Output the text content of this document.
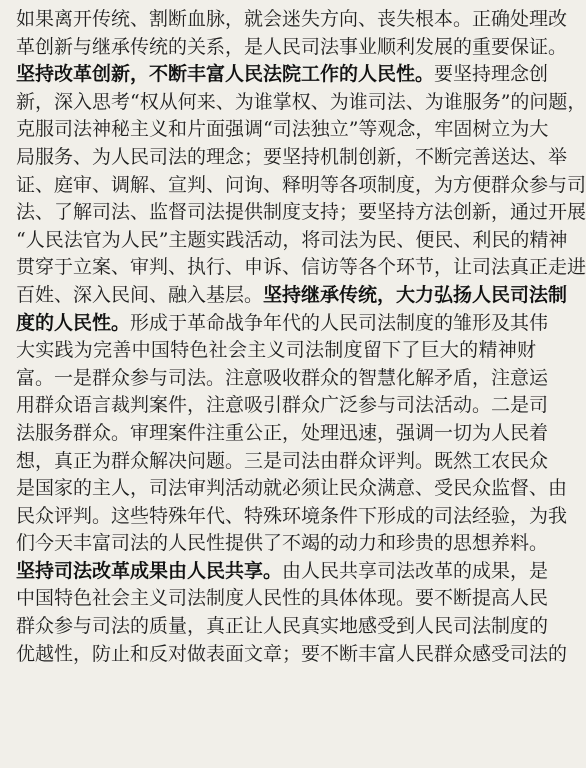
如果离开传统、割断血脉，就会迷失方向、丧失根本。正确处理改
革创新与继承传统的关系，是人民司法事业顺利发展的重要保证。
坚持改革创新，不断丰富人民法院工作的人民性。要坚持理念创
新，深入思考“权从何来、为谁掌权、为谁司法、为谁服务”的问题，
克服司法神秘主义和片面强调“司法独立”等观念，牢固树立为大
局服务、为人民司法的理念；要坚持机制创新，不断完善送达、举
证、庭审、调解、宣判、问询、释明等各项制度，为方便群众参与司
法、了解司法、监督司法提供制度支持；要坚持方法创新，通过开展
“人民法官为人民”主题实践活动，将司法为民、便民、利民的精神
贯穿于立案、审判、执行、申诉、信访等各个环节，让司法真正走进
百姓、深入民间、融入基层。坚持继承传统，大力弘扬人民司法制
度的人民性。形成于革命战争年代的人民司法制度的雏形及其伟
大实践为完善中国特色社会主义司法制度留下了巨大的精神财
富。一是群众参与司法。注意吸收群众的智慧化解矛盾，注意运
用群众语言裁判案件，注意吸引群众广泛参与司法活动。二是司
法服务群众。审理案件注重公正，处理迅速，强调一切为人民着
想，真正为群众解决问题。三是司法由群众评判。既然工农民众
是国家的主人，司法审判活动就必须让民众满意、受民众监督、由
民众评判。这些特殊年代、特殊环境条件下形成的司法经验，为我
们今天丰富司法的人民性提供了不竭的动力和珍贵的思想养料。
坚持司法改革成果由人民共享。由人民共享司法改革的成果，是
中国特色社会主义司法制度人民性的具体体现。要不断提高人民
群众参与司法的质量，真正让人民真实地感受到人民司法制度的
优越性，防止和反对做表面文章；要不断丰富人民群众感受司法的
